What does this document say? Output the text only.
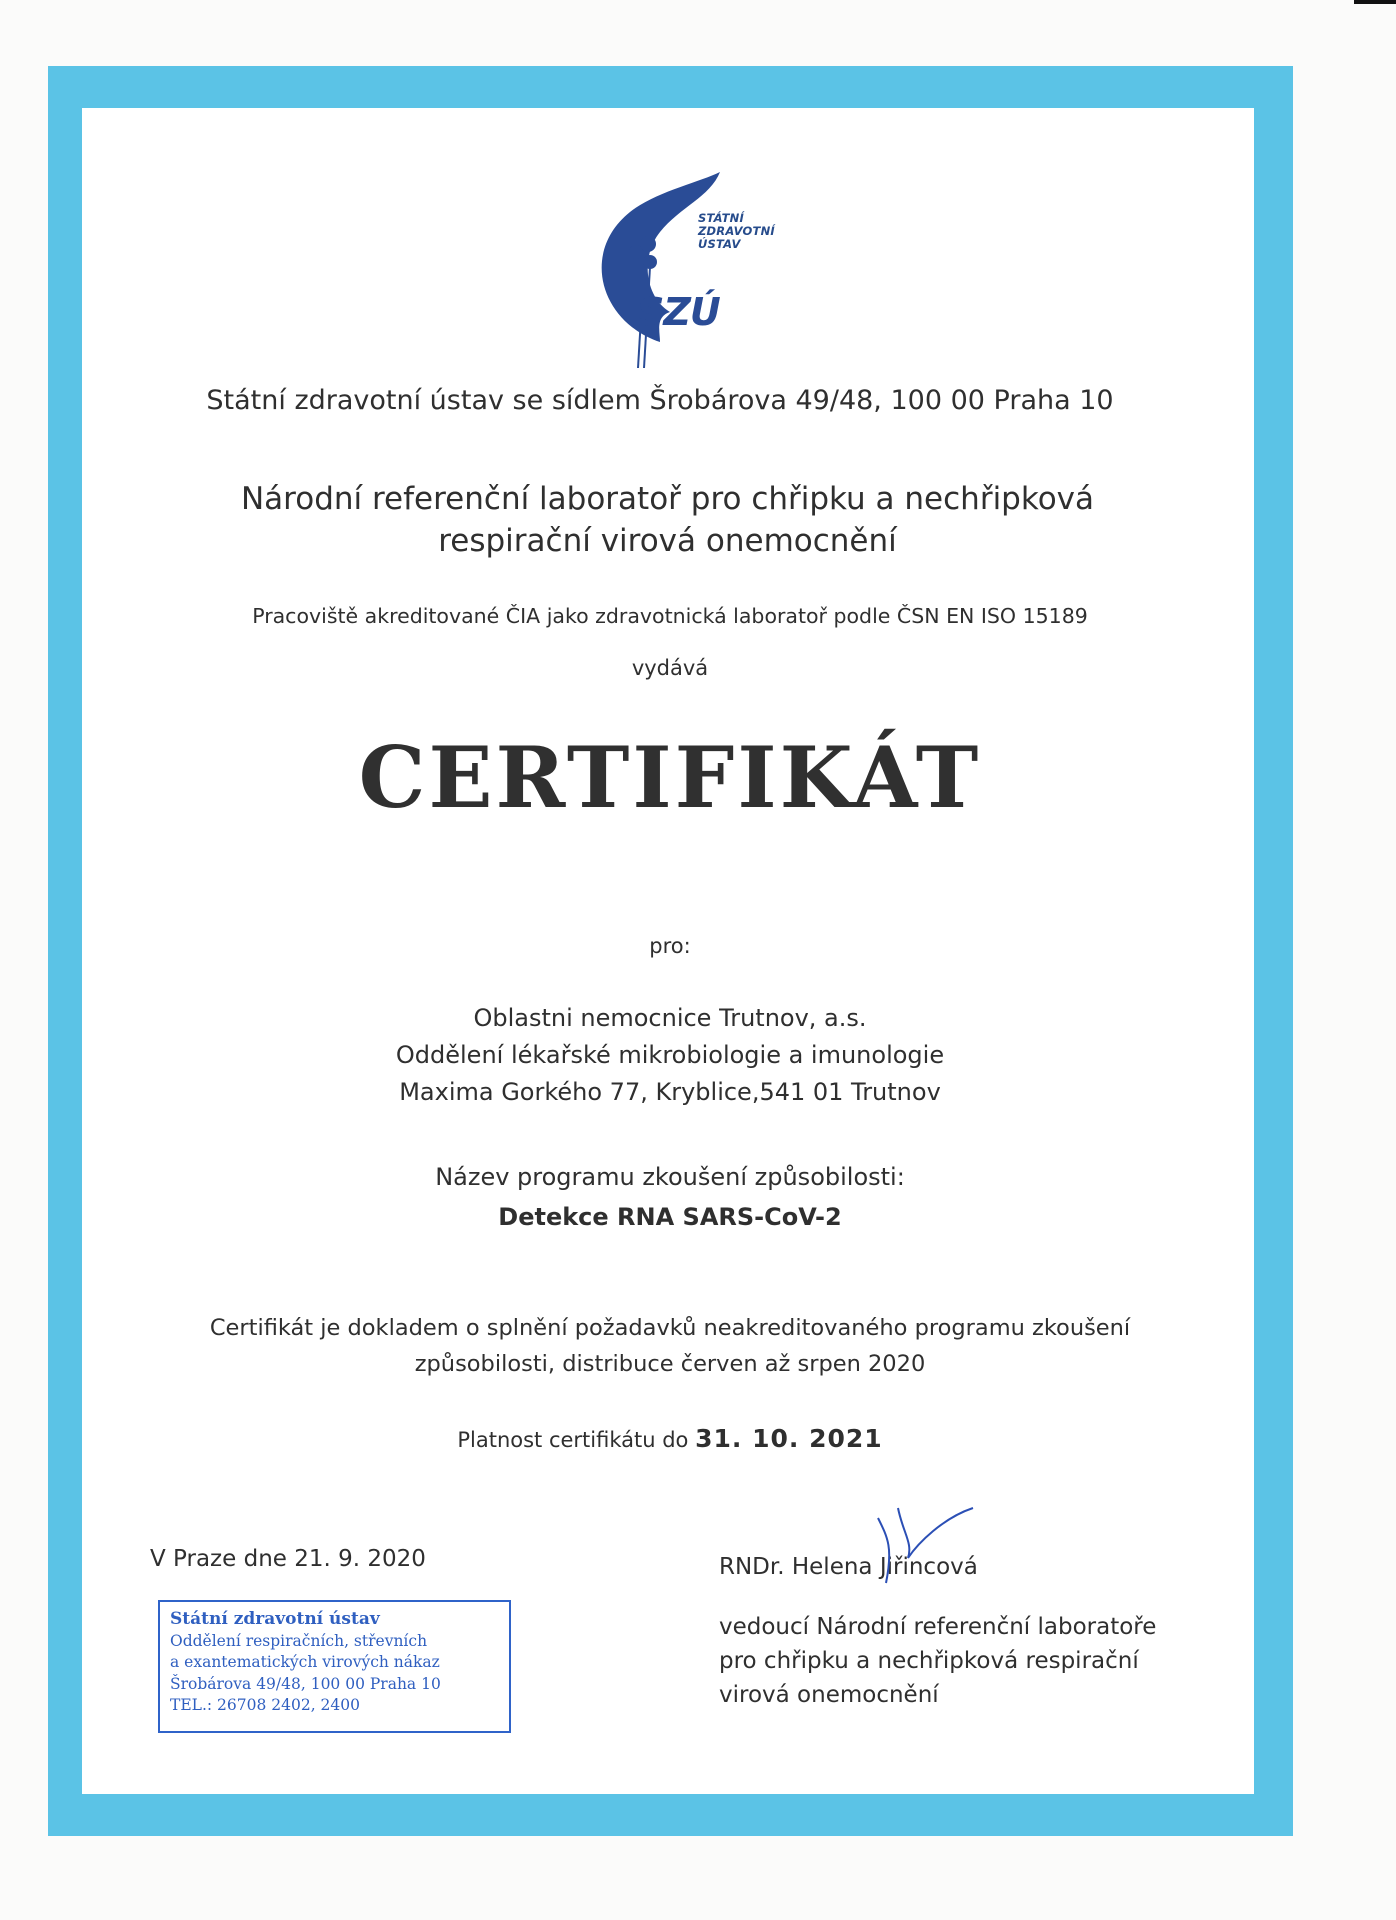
STÁTNÍ
ZDRAVOTNÍ
ÚSTAV
SZÚ
Státní zdravotní ústav se sídlem Šrobárova 49/48, 100 00 Praha 10
Národní referenční laboratoř pro chřipku a nechřipková
respirační virová onemocnění
Pracoviště akreditované ČIA jako zdravotnická laboratoř podle ČSN EN ISO 15189
vydává
CERTIFIKÁT
pro:
Oblastni nemocnice Trutnov, a.s.
Oddělení lékařské mikrobiologie a imunologie
Maxima Gorkého 77, Kryblice,541 01 Trutnov
Název programu zkoušení způsobilosti:
Detekce RNA SARS-CoV-2
Certifikát je dokladem o splnění požadavků neakreditovaného programu zkoušení
způsobilosti, distribuce červen až srpen 2020
Platnost certifikátu do 31. 10. 2021
V Praze dne 21. 9. 2020	RNDr. Helena Jiřincová
vedoucí Národní referenční laboratoře
pro chřipku a nechřipková respirační
virová onemocnění
Státní zdravotní ústav
Oddělení respiračních, střevních
a exantematických virových nákaz
Šrobárova 49/48, 100 00 Praha 10
TEL.: 26708 2402, 2400
